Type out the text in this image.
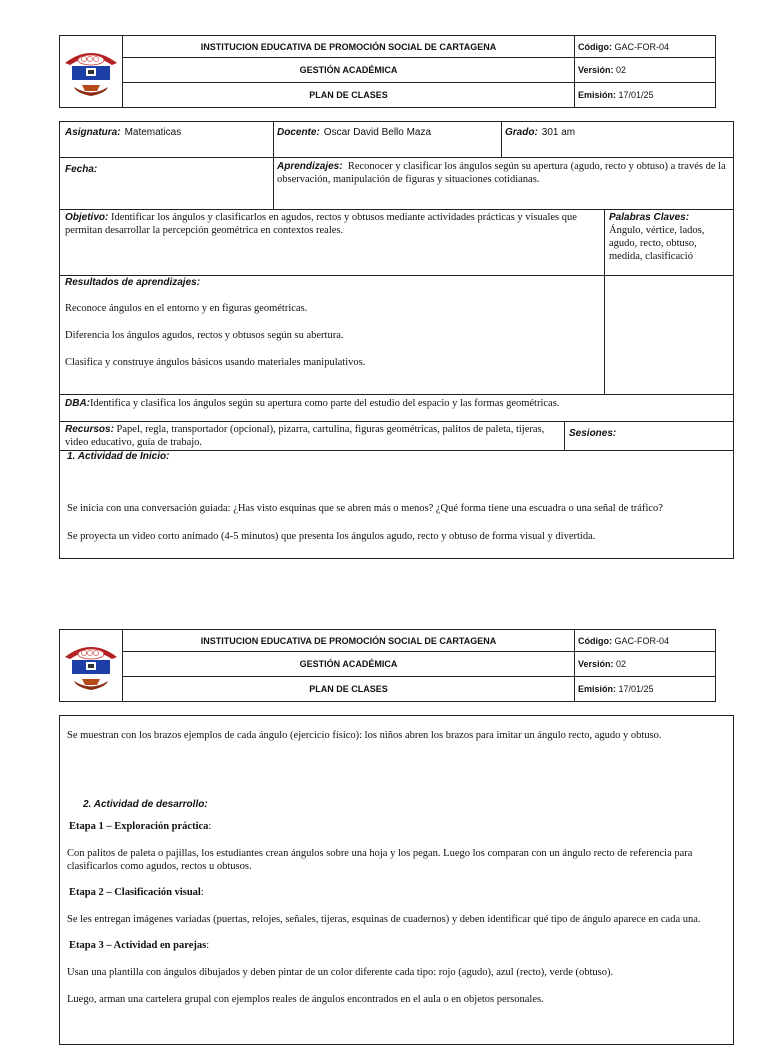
	INSTITUCION EDUCATIVA DE PROMOCIÓN SOCIAL DE CARTAGENA	Código: GAC-FOR-04
	GESTIÓN ACADÉMICA	Versión: 02
	PLAN DE CLASES	Emisión: 17/01/25
Asignatura: Matematicas	Docente: Oscar David Bello Maza	Grado: 301 am
Fecha:	Aprendizajes: Reconocer y clasificar los ángulos según su apertura (agudo, recto y obtuso) a través de la observación, manipulación de figuras y situaciones cotidianas.
Objetivo: Identificar los ángulos y clasificarlos en agudos, rectos y obtusos mediante actividades prácticas y visuales que permitan desarrollar la percepción geométrica en contextos reales.
Palabras Claves:
Ángulo, vértice, lados, agudo, recto, obtuso, medida, clasificació
Resultados de aprendizajes:

Reconoce ángulos en el entorno y en figuras geométricas.

Diferencia los ángulos agudos, rectos y obtusos según su abertura.

Clasifica y construye ángulos básicos usando materiales manipulativos.

DBA:Identifica y clasifica los ángulos según su apertura como parte del estudio del espacio y las formas geométricas.
Recursos: Papel, regla, transportador (opcional), pizarra, cartulina, figuras geométricas, palitos de paleta, tijeras, video educativo, guía de trabajo.
Sesiones:
1. Actividad de Inicio:

Se inicia con una conversación guiada: ¿Has visto esquinas que se abren más o menos? ¿Qué forma tiene una escuadra o una señal de tráfico?

Se proyecta un video corto animado (4-5 minutos) que presenta los ángulos agudo, recto y obtuso de forma visual y divertida.

	INSTITUCION EDUCATIVA DE PROMOCIÓN SOCIAL DE CARTAGENA	Código: GAC-FOR-04
	GESTIÓN ACADÉMICA	Versión: 02
	PLAN DE CLASES	Emisión: 17/01/25

Se muestran con los brazos ejemplos de cada ángulo (ejercicio físico): los niños abren los brazos para imitar un ángulo recto, agudo y obtuso.

2. Actividad de desarrollo:

Etapa 1 – Exploración práctica:

Con palitos de paleta o pajillas, los estudiantes crean ángulos sobre una hoja y los pegan. Luego los comparan con un ángulo recto de referencia para clasificarlos como agudos, rectos u obtusos.

Etapa 2 – Clasificación visual:

Se les entregan imágenes variadas (puertas, relojes, señales, tijeras, esquinas de cuadernos) y deben identificar qué tipo de ángulo aparece en cada una.

Etapa 3 – Actividad en parejas:

Usan una plantilla con ángulos dibujados y deben pintar de un color diferente cada tipo: rojo (agudo), azul (recto), verde (obtuso).

Luego, arman una cartelera grupal con ejemplos reales de ángulos encontrados en el aula o en objetos personales.
